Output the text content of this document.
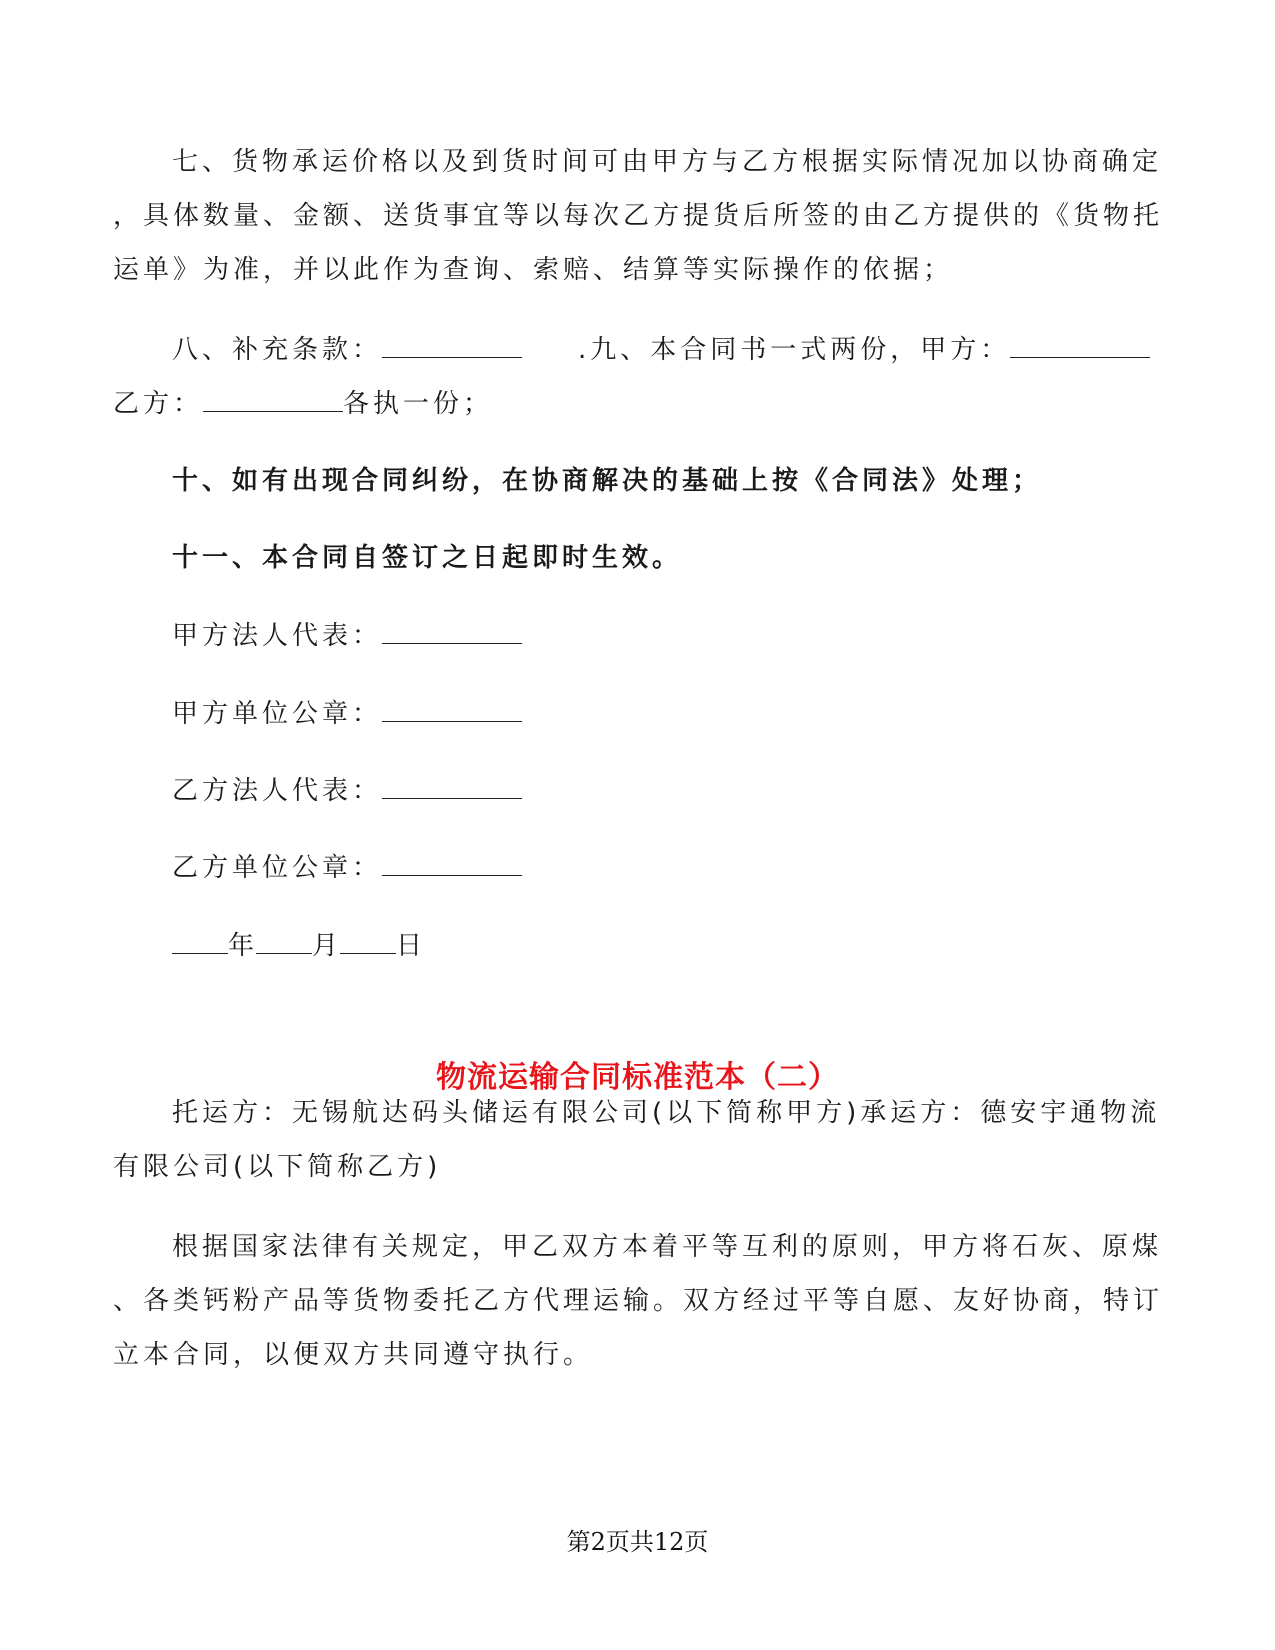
七、货物承运价格以及到货时间可由甲方与乙方根据实际情况加以协商确定
，具体数量、金额、送货事宜等以每次乙方提货后所签的由乙方提供的《货物托
运单》为准，并以此作为查询、索赔、结算等实际操作的依据；
八、补充条款：	.九、本合同书一式两份，甲方：
乙方：	各执一份；
十、如有出现合同纠纷，在协商解决的基础上按《合同法》处理；
十一、本合同自签订之日起即时生效。
甲方法人代表：
甲方单位公章：
乙方法人代表：
乙方单位公章：
年 月 日
物流运输合同标准范本（二）
托运方：无锡航达码头储运有限公司(以下简称甲方)承运方：德安宇通物流
有限公司(以下简称乙方)
根据国家法律有关规定，甲乙双方本着平等互利的原则，甲方将石灰、原煤
、各类钙粉产品等货物委托乙方代理运输。双方经过平等自愿、友好协商，特订
立本合同，以便双方共同遵守执行。
第2页共12页
